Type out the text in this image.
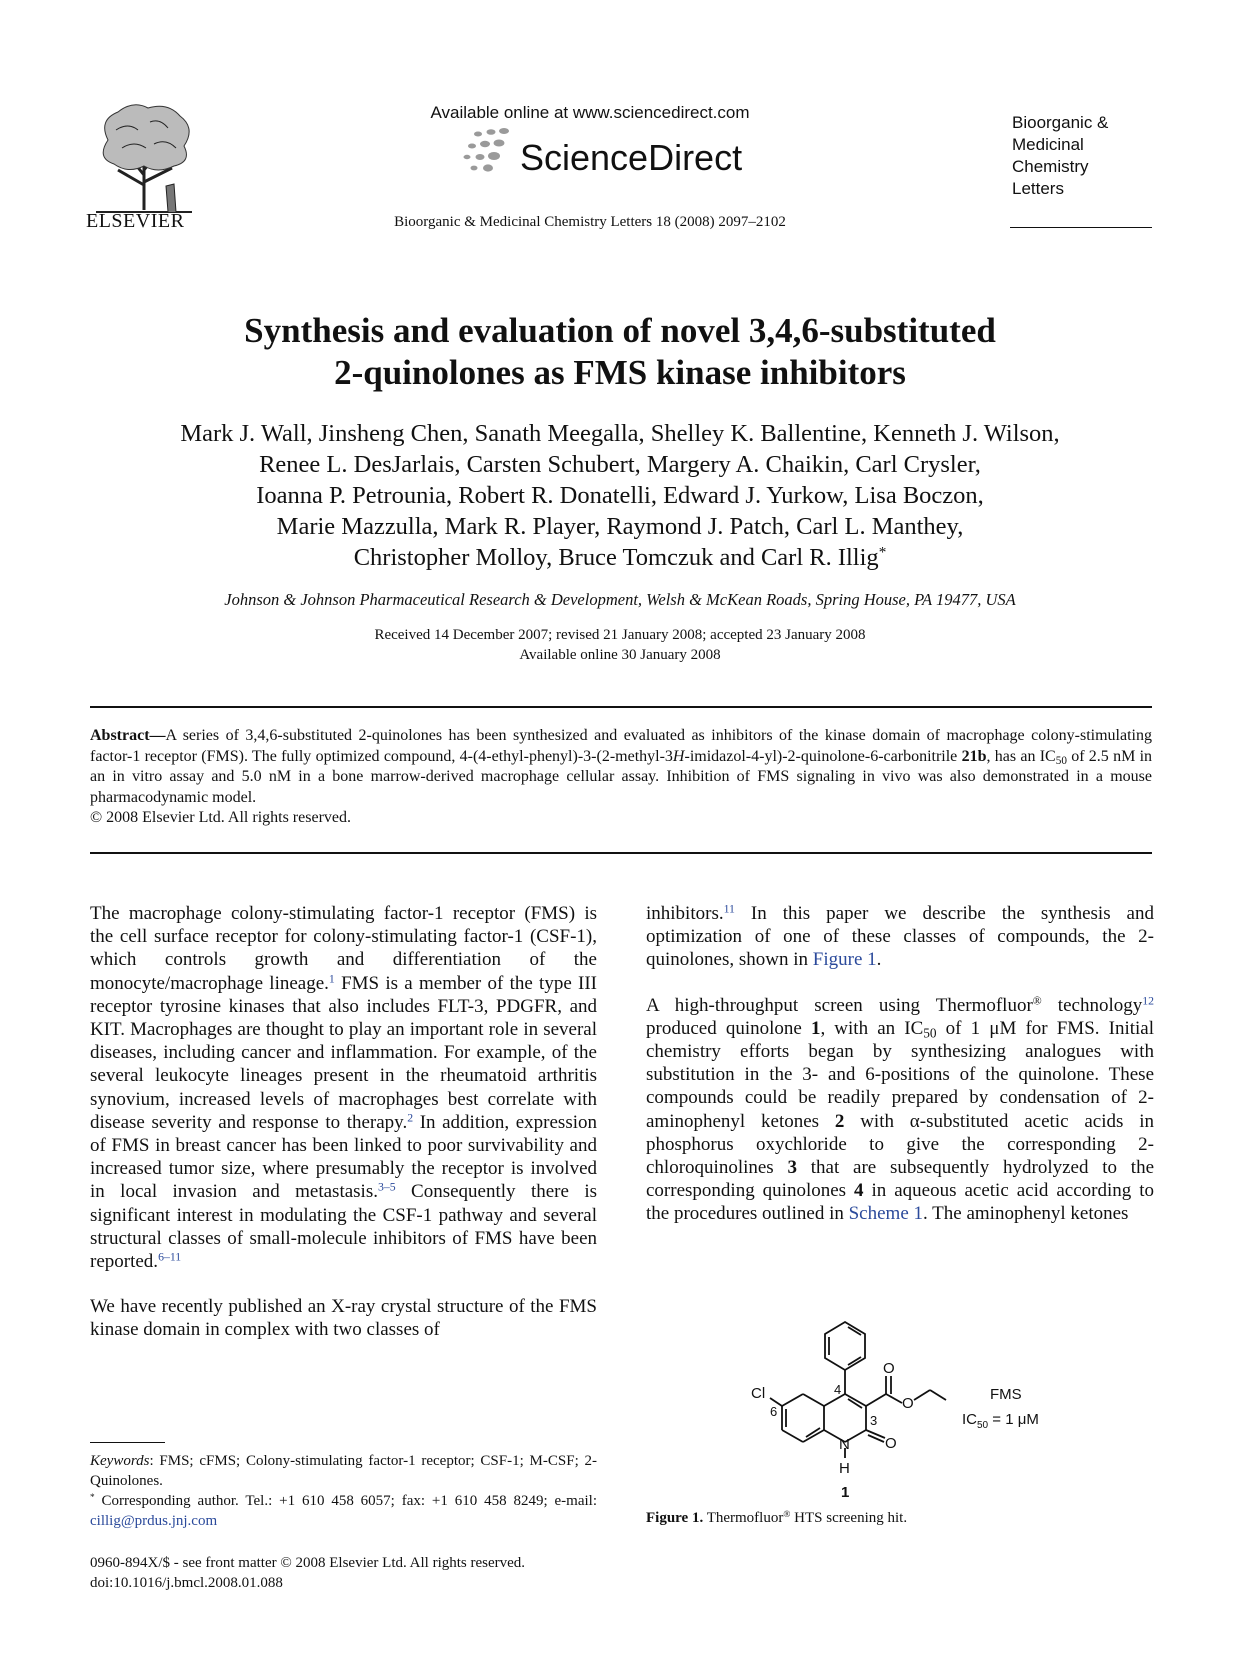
ELSEVIER
Available online at www.sciencedirect.com
ScienceDirect
Bioorganic & Medicinal Chemistry Letters 18 (2008) 2097–2102
Bioorganic &
Medicinal
Chemistry
Letters
Synthesis and evaluation of novel 3,4,6-substituted
2-quinolones as FMS kinase inhibitors
Mark J. Wall, Jinsheng Chen, Sanath Meegalla, Shelley K. Ballentine, Kenneth J. Wilson,
Renee L. DesJarlais, Carsten Schubert, Margery A. Chaikin, Carl Crysler,
Ioanna P. Petrounia, Robert R. Donatelli, Edward J. Yurkow, Lisa Boczon,
Marie Mazzulla, Mark R. Player, Raymond J. Patch, Carl L. Manthey,
Christopher Molloy, Bruce Tomczuk and Carl R. Illig*
Johnson & Johnson Pharmaceutical Research & Development, Welsh & McKean Roads, Spring House, PA 19477, USA
Received 14 December 2007; revised 21 January 2008; accepted 23 January 2008
Available online 30 January 2008
Abstract—A series of 3,4,6-substituted 2-quinolones has been synthesized and evaluated as inhibitors of the kinase domain of macrophage colony-stimulating factor-1 receptor (FMS). The fully optimized compound, 4-(4-ethyl-phenyl)-3-(2-methyl-3H-imidazol-4-yl)-2-quinolone-6-carbonitrile 21b, has an $IC_{50}$ of 2.5 nM in an in vitro assay and 5.0 nM in a bone marrow-derived macrophage cellular assay. Inhibition of FMS signaling in vivo was also demonstrated in a mouse pharmacodynamic model.
© 2008 Elsevier Ltd. All rights reserved.

The macrophage colony-stimulating factor-1 receptor (FMS) is the cell surface receptor for colony-stimulating factor-1 (CSF-1), which controls growth and differentiation of the monocyte/macrophage lineage.$^1$ FMS is a member of the type III receptor tyrosine kinases that also includes FLT-3, PDGFR, and KIT. Macrophages are thought to play an important role in several diseases, including cancer and inflammation. For example, of the several leukocyte lineages present in the rheumatoid arthritis synovium, increased levels of macrophages best correlate with disease severity and response to therapy.$^2$ In addition, expression of FMS in breast cancer has been linked to poor survivability and increased tumor size, where presumably the receptor is involved in local invasion and metastasis.$^{3-5}$ Consequently there is significant interest in modulating the CSF-1 pathway and several structural classes of small-molecule inhibitors of FMS have been reported.$^{6-11}$

We have recently published an X-ray crystal structure of the FMS kinase domain in complex with two classes of

inhibitors.$^{11}$ In this paper we describe the synthesis and optimization of one of these classes of compounds, the 2-quinolones, shown in Figure 1.

A high-throughput screen using Thermofluor® technology$^{12}$ produced quinolone 1, with an $IC_{50}$ of 1 μM for FMS. Initial chemistry efforts began by synthesizing analogues with substitution in the 3- and 6-positions of the quinolone. These compounds could be readily prepared by condensation of 2-aminophenyl ketones 2 with α-substituted acetic acids in phosphorus oxychloride to give the corresponding 2-chloroquinolines 3 that are subsequently hydrolyzed to the corresponding quinolones 4 in aqueous acetic acid according to the procedures outlined in Scheme 1. The aminophenyl ketones

O
O
O
N
H
Cl	4
6
3
FMS
$IC_{50} = 1$ μM
1
Figure 1. Thermofluor® HTS screening hit.

Keywords: FMS; cFMS; Colony-stimulating factor-1 receptor; CSF-1; M-CSF; 2-Quinolones.

* Corresponding author. Tel.: +1 610 458 6057; fax: +1 610 458 8249; e-mail: cillig@prdus.jnj.com

0960-894X/$ - see front matter © 2008 Elsevier Ltd. All rights reserved.
doi:10.1016/j.bmcl.2008.01.088
